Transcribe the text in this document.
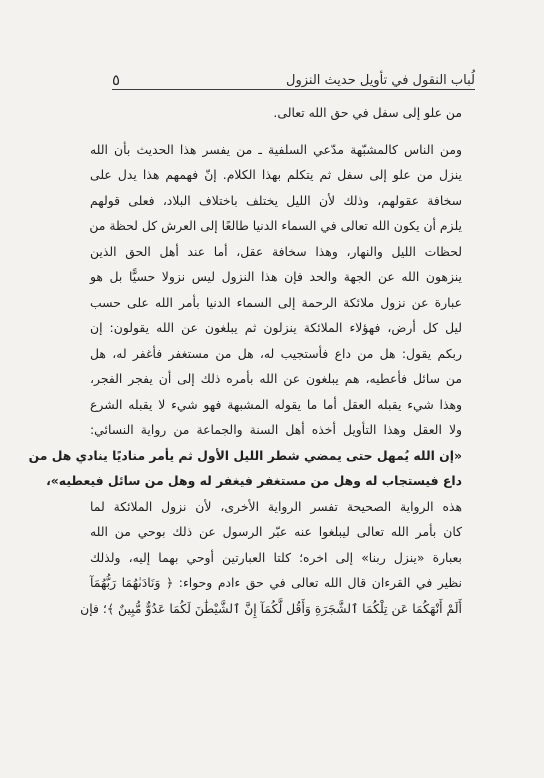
لُباب النقول في تأويل حديث النزول
٥

من علو إلى سفل في حق الله تعالى.

ومن الناس كالمشبّهة مدّعي السلفية ـ من يفسر هذا الحديث بأن الله
ينزل من علو إلى سفل ثم يتكلم بهذا الكلام. إنّ فهمهم هذا يدل على
سخافة عقولهم، وذلك لأن الليل يختلف باختلاف البلاد، فعلى قولهم
يلزم أن يكون الله تعالى في السماء الدنيا طالعًا إلى العرش كل لحظة من
لحظات الليل والنهار، وهذا سخافة عقل، أما عند أهل الحق الذين
ينزهون الله عن الجهة والحد فإن هذا النزول ليس نزولا حسيًّا بل هو
عبارة عن نزول ملائكة الرحمة إلى السماء الدنيا بأمر الله على حسب
ليل كل أرض، فهؤلاء الملائكة ينزلون ثم يبلغون عن الله يقولون: إن
ربكم يقول: هل من داع فأستجيب له، هل من مستغفر فأغفر له، هل
من سائل فأعطيه، هم يبلغون عن الله بأمره ذلك إلى أن يفجر الفجر،
وهذا شيء يقبله العقل أما ما يقوله المشبهة فهو شيء لا يقبله الشرع
ولا العقل وهذا التأويل أخذه أهل السنة والجماعة من رواية النسائي:

«إن الله يُمهل حتى يمضي شطر الليل الأول ثم يأمر مناديًا ينادي هل من
داع فيستجاب له وهل من مستغفر فيغفر له وهل من سائل فيعطيه»،

هذه الرواية الصحيحة تفسر الرواية الأخرى، لأن نزول الملائكة لما
كان بأمر الله تعالى ليبلغوا عنه عبّر الرسول عن ذلك بوحي من الله
بعبارة «ينزل ربنا» إلى اخره؛ كلتا العبارتين أوحي بهما إليه، ولذلك
نظير في القرءان قال الله تعالى في حق ءادم وحواء: ﴿ وَنَادَىٰهُمَا رَبُّهُمَآ
أَلَمْ أَنْهَكُمَا عَن تِلْكُمَا ٱلشَّجَرَةِ وَأَقُل لَّكُمَآ إِنَّ ٱلشَّيْطَٰنَ لَكُمَا عَدُوٌّ مُّبِينٌ ﴾؛ فإن
